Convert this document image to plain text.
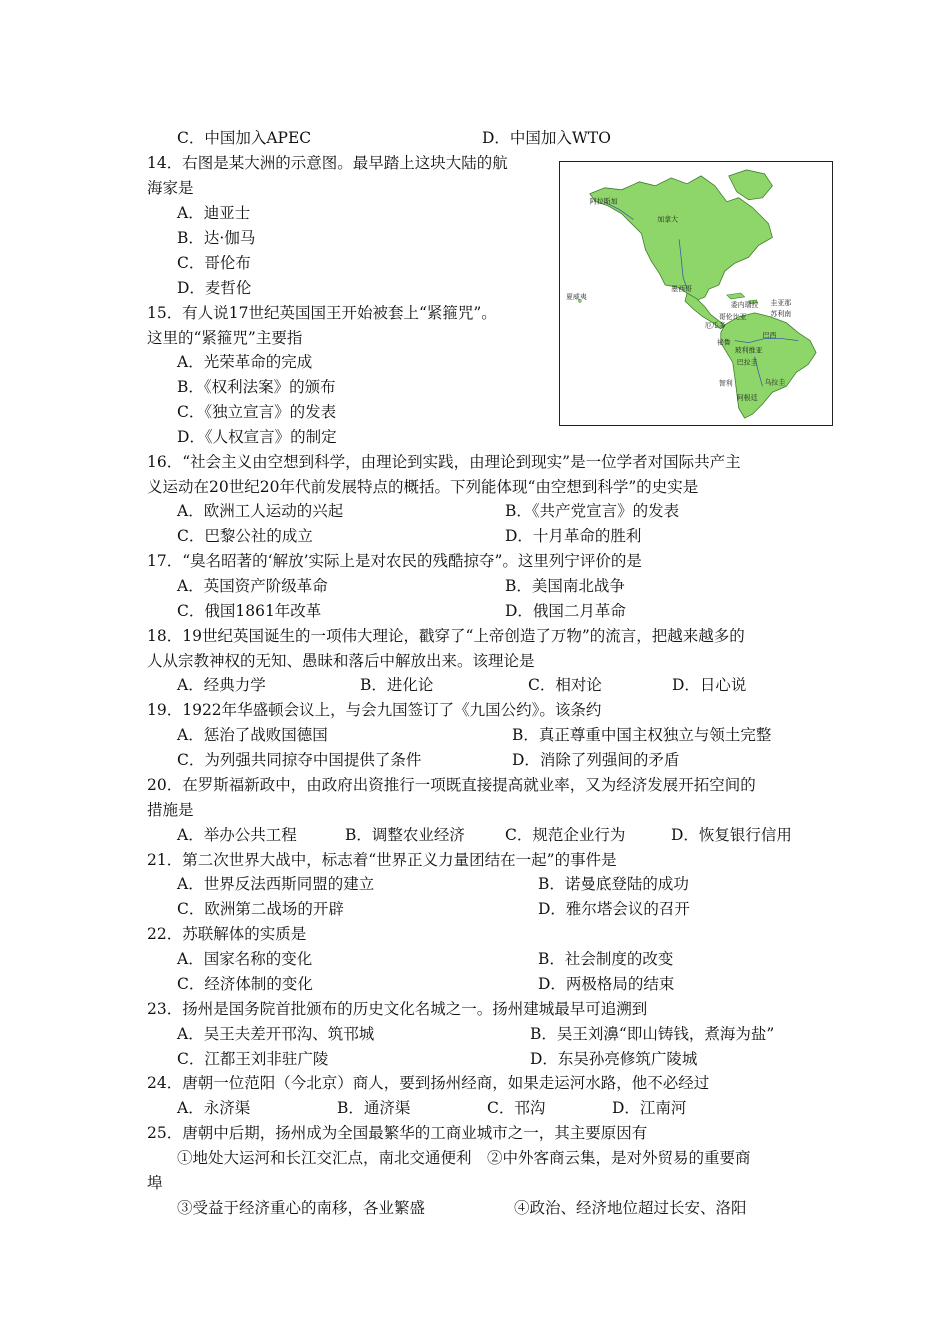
C．中国加入APEC	D．中国加入WTO
14．右图是某大洲的示意图。最早踏上这块大陆的航
海家是
A．迪亚士
B．达·伽马
C．哥伦布
D．麦哲伦
阿拉斯加
加拿大
夏威夷
墨西哥
委内瑞拉 圭亚那
苏利南
哥伦比亚
厄瓜多
巴西
祕鲁
玻利维亚
巴拉圭
智利	乌拉圭
阿根廷
15．有人说17世纪英国国王开始被套上“紧箍咒”。
这里的“紧箍咒”主要指
A．光荣革命的完成
B．《权利法案》的颁布
C．《独立宣言》的发表
D．《人权宣言》的制定
16．“社会主义由空想到科学，由理论到实践，由理论到现实”是一位学者对国际共产主
义运动在20世纪20年代前发展特点的概括。下列能体现“由空想到科学”的史实是
A．欧洲工人运动的兴起	B．《共产党宣言》的发表
C．巴黎公社的成立	D．十月革命的胜利
17．“臭名昭著的‘解放’实际上是对农民的残酷掠夺”。这里列宁评价的是
A．英国资产阶级革命	B．美国南北战争
C．俄国1861年改革	D．俄国二月革命
18．19世纪英国诞生的一项伟大理论，戳穿了“上帝创造了万物”的流言，把越来越多的
人从宗教神权的无知、愚昧和落后中解放出来。该理论是
A．经典力学	B．进化论	C．相对论	D．日心说
19．1922年华盛顿会议上，与会九国签订了《九国公约》。该条约
A．惩治了战败国德国	B．真正尊重中国主权独立与领土完整
C．为列强共同掠夺中国提供了条件	D．消除了列强间的矛盾
20．在罗斯福新政中，由政府出资推行一项既直接提高就业率，又为经济发展开拓空间的
措施是
A．举办公共工程	B．调整农业经济	C．规范企业行为	D．恢复银行信用
21．第二次世界大战中，标志着“世界正义力量团结在一起”的事件是
A．世界反法西斯同盟的建立	B．诺曼底登陆的成功
C．欧洲第二战场的开辟	D．雅尔塔会议的召开
22．苏联解体的实质是
A．国家名称的变化	B．社会制度的改变
C．经济体制的变化	D．两极格局的结束
23．扬州是国务院首批颁布的历史文化名城之一。扬州建城最早可追溯到
A．吴王夫差开邗沟、筑邗城	B．吴王刘濞“即山铸钱，煮海为盐”
C．江都王刘非驻广陵	D．东吴孙亮修筑广陵城
24．唐朝一位范阳（今北京）商人，要到扬州经商，如果走运河水路，他不必经过
A．永济渠	B．通济渠	C．邗沟	D．江南河
25．唐朝中后期，扬州成为全国最繁华的工商业城市之一，其主要原因有
①地处大运河和长江交汇点，南北交通便利　②中外客商云集，是对外贸易的重要商
埠
③受益于经济重心的南移，各业繁盛	④政治、经济地位超过长安、洛阳
